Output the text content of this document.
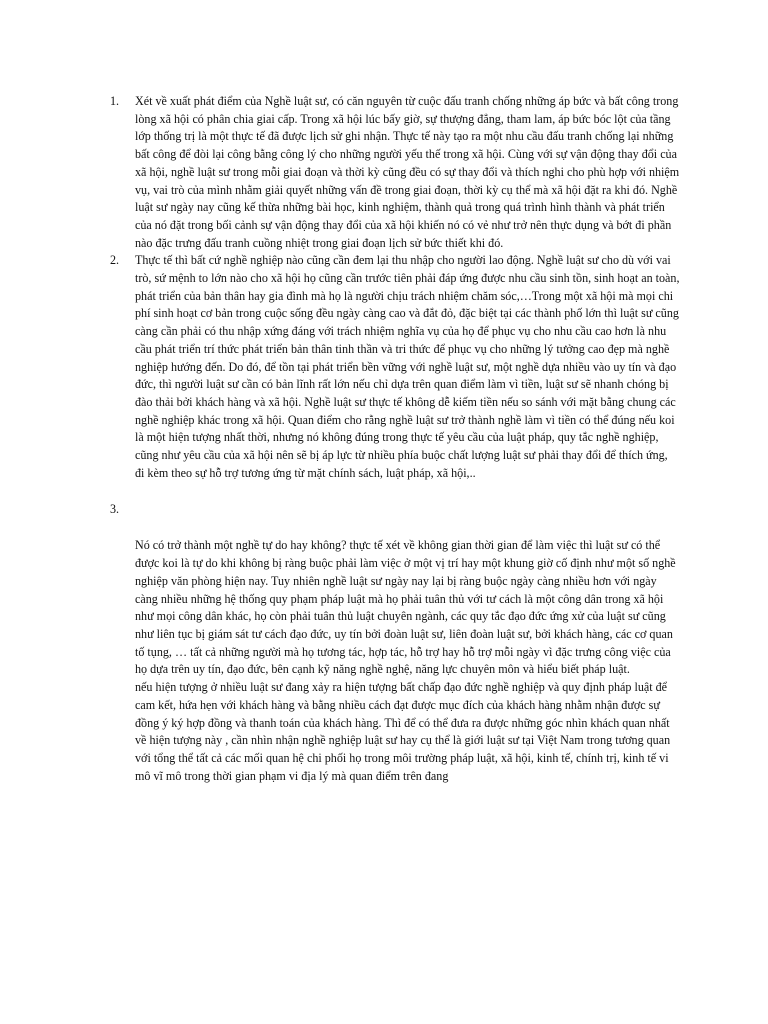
1. Xét về xuất phát điểm của Nghề luật sư, có căn nguyên từ cuộc đấu tranh chống những áp bức và bất công trong lòng xã hội có phân chia giai cấp. Trong xã hội lúc bấy giờ, sự thượng đẳng, tham lam, áp bức bóc lột của tầng lớp thống trị là một thực tế đã được lịch sử ghi nhận. Thực tế này tạo ra một nhu cầu đấu tranh chống lại những bất công để đòi lại công bằng công lý cho những người yếu thế trong xã hội. Cùng với sự vận động thay đổi của xã hội, nghề luật sư trong mỗi giai đoạn và thời kỳ cũng đều có sự thay đổi và thích nghi cho phù hợp với nhiệm vụ, vai trò của mình nhằm giải quyết những vấn đề trong giai đoạn, thời kỳ cụ thể mà xã hội đặt ra khi đó. Nghề luật sư ngày nay cũng kế thừa những bài học, kinh nghiệm, thành quả trong quá trình hình thành và phát triển của nó đặt trong bối cảnh sự vận động thay đổi của xã hội khiến nó có vẻ như trở nên thực dụng và bớt đi phần nào đặc trưng đấu tranh cuồng nhiệt trong giai đoạn lịch sử bức thiết khi đó.

2. Thực tế thì bất cứ nghề nghiệp nào cũng cần đem lại thu nhập cho người lao động. Nghề luật sư cho dù với vai trò, sứ mệnh to lớn nào cho xã hội họ cũng cần trước tiên phải đáp ứng được nhu cầu sinh tồn, sinh hoạt an toàn, phát triển của bản thân hay gia đình mà họ là người chịu trách nhiệm chăm sóc,…Trong một xã hội mà mọi chi phí sinh hoạt cơ bản trong cuộc sống đều ngày càng cao và đắt đỏ, đặc biệt tại các thành phố lớn thì luật sư cũng càng cần phải có thu nhập xứng đáng với trách nhiệm nghĩa vụ của họ để phục vụ cho nhu cầu cao hơn là nhu cầu phát triển trí thức phát triển bản thân tinh thần và tri thức để phục vụ cho những lý tưởng cao đẹp mà nghề nghiệp hướng đến. Do đó, để tồn tại phát triển bền vững với nghề luật sư, một nghề dựa nhiều vào uy tín và đạo đức, thì người luật sư cần có bản lĩnh rất lớn nếu chỉ dựa trên quan điểm làm vì tiền, luật sư sẽ nhanh chóng bị đào thải bởi khách hàng và xã hội. Nghề luật sư thực tế không dễ kiếm tiền nếu so sánh với mặt bằng chung các nghề nghiệp khác trong xã hội. Quan điểm cho rằng nghề luật sư trở thành nghề làm vì tiền có thể đúng nếu koi là một hiện tượng nhất thời, nhưng nó không đúng trong thực tế yêu cầu của luật pháp, quy tắc nghề nghiệp, cũng như yêu cầu của xã hội nên sẽ bị áp lực từ nhiều phía buộc chất lượng luật sư phải thay đổi để thích ứng, đi kèm theo sự hỗ trợ tương ứng từ mặt chính sách, luật pháp, xã hội,..

3.

Nó có trở thành một nghề tự do hay không? thực tế xét về không gian thời gian để làm việc thì luật sư có thể được koi là tự do khi không bị ràng buộc phải làm việc ở một vị trí hay một khung giờ cố định như một số nghề nghiệp văn phòng hiện nay. Tuy nhiên nghề luật sư ngày nay lại bị ràng buộc ngày càng nhiều hơn với ngày càng nhiều những hệ thống quy phạm pháp luật mà họ phải tuân thủ với tư cách là một công dân trong xã hội như mọi công dân khác, họ còn phải tuân thủ luật chuyên ngành, các quy tắc đạo đức ứng xử của luật sư cũng như liên tục bị giám sát tư cách đạo đức, uy tín bởi đoàn luật sư, liên đoàn luật sư, bởi khách hàng, các cơ quan tố tụng, … tất cả những người mà họ tương tác, hợp tác, hỗ trợ hay hỗ trợ mỗi ngày vì đặc trưng công việc của họ dựa trên uy tín, đạo đức, bên cạnh kỹ năng nghề nghệ, năng lực chuyên môn và hiểu biết pháp luật.

nếu hiện tượng ở nhiều luật sư đang xảy ra hiện tượng bất chấp đạo đức nghề nghiệp và quy định pháp luật để cam kết, hứa hẹn với khách hàng và bằng nhiều cách đạt được mục đích của khách hàng nhằm nhận được sự đồng ý ký hợp đồng và thanh toán của khách hàng. Thì để có thể đưa ra được những góc nhìn khách quan nhất về hiện tượng này , cần nhìn nhận nghề nghiệp luật sư hay cụ thể là giới luật sư tại Việt Nam trong tương quan với tổng thể tất cả các mối quan hệ chi phối họ trong môi trường pháp luật, xã hội, kinh tế, chính trị, kinh tế vi mô vĩ mô trong thời gian phạm vi địa lý mà quan điểm trên đang
